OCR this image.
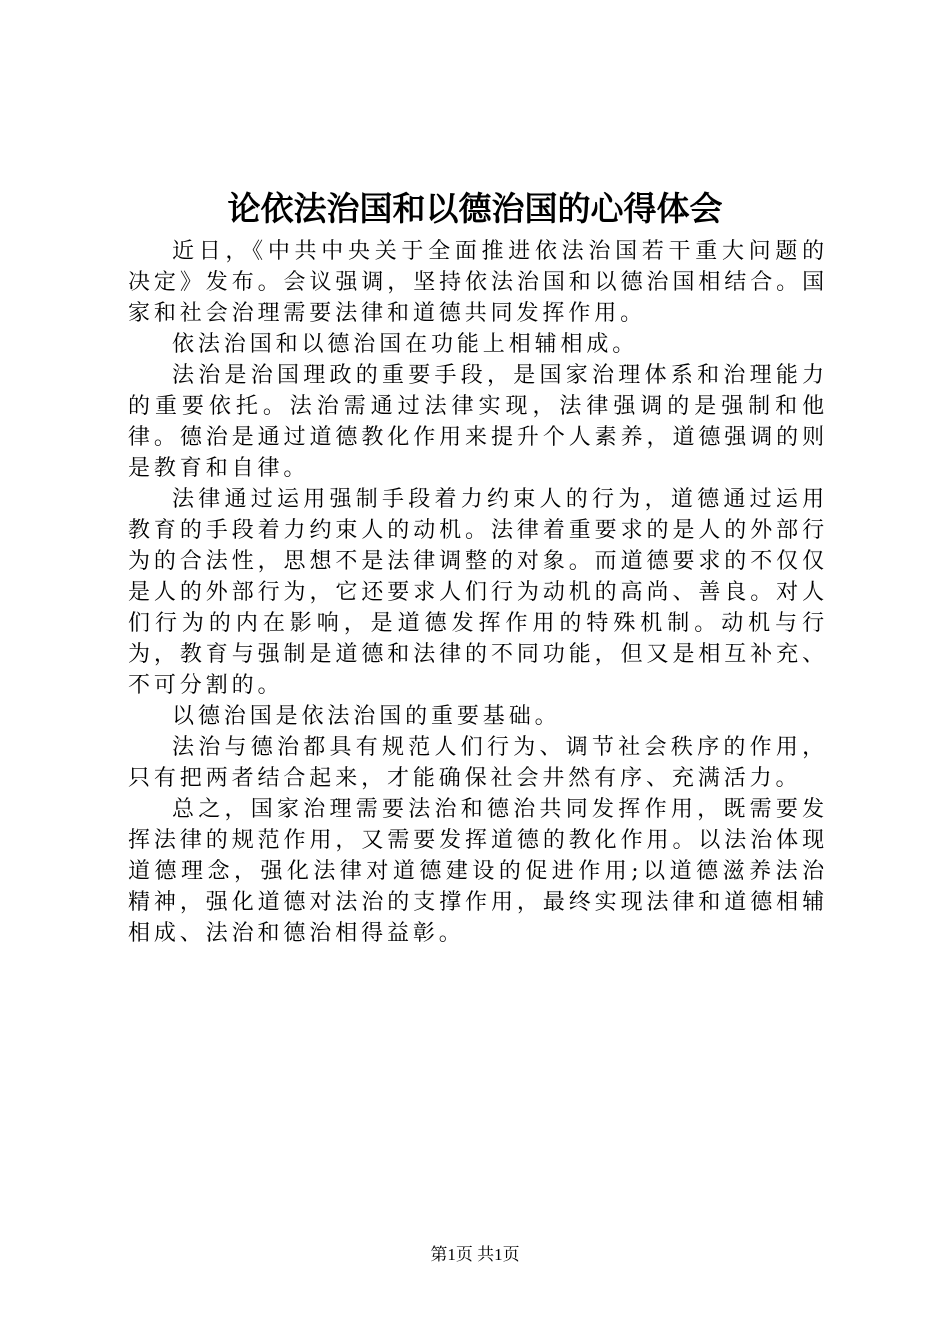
论依法治国和以德治国的心得体会

近日，《中共中央关于全面推进依法治国若干重大问题的决定》发布。会议强调，坚持依法治国和以德治国相结合。国家和社会治理需要法律和道德共同发挥作用。

依法治国和以德治国在功能上相辅相成。

法治是治国理政的重要手段，是国家治理体系和治理能力的重要依托。法治需通过法律实现，法律强调的是强制和他律。德治是通过道德教化作用来提升个人素养，道德强调的则是教育和自律。

法律通过运用强制手段着力约束人的行为，道德通过运用教育的手段着力约束人的动机。法律着重要求的是人的外部行为的合法性，思想不是法律调整的对象。而道德要求的不仅仅是人的外部行为，它还要求人们行为动机的高尚、善良。对人们行为的内在影响，是道德发挥作用的特殊机制。动机与行为，教育与强制是道德和法律的不同功能，但又是相互补充、不可分割的。

以德治国是依法治国的重要基础。

法治与德治都具有规范人们行为、调节社会秩序的作用，只有把两者结合起来，才能确保社会井然有序、充满活力。

总之，国家治理需要法治和德治共同发挥作用，既需要发挥法律的规范作用，又需要发挥道德的教化作用。以法治体现道德理念，强化法律对道德建设的促进作用;以道德滋养法治精神，强化道德对法治的支撑作用，最终实现法律和道德相辅相成、法治和德治相得益彰。

第1页 共1页
